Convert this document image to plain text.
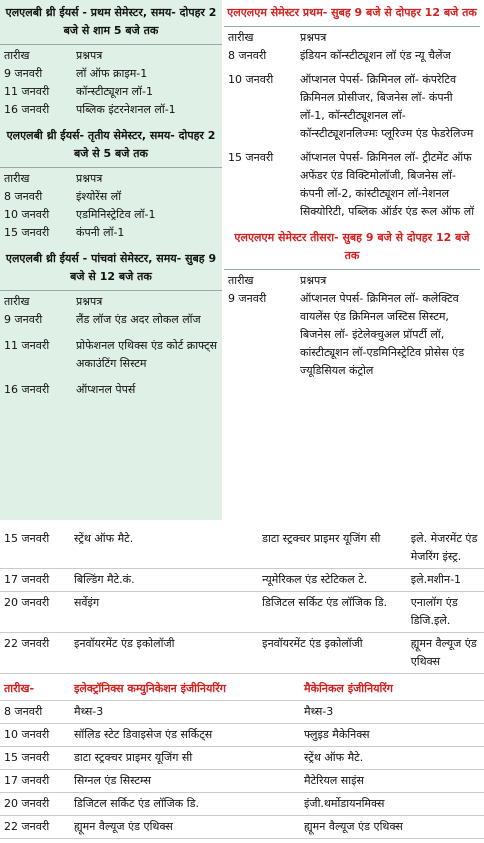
एलएलबी थ्री ईयर्स - प्रथम सेमेस्टर, समय- दोपहर 2 बजे से शाम 5 बजे तक
तारीख	प्रश्नपत्र
9 जनवरी	लॉ ऑफ क्राइम-1
11 जनवरी	कॉन्स्टीट्यूशन लॉ-1
16 जनवरी	पब्लिक इंटरनेशनल लॉ-1
एलएलबी थ्री ईयर्स- तृतीय सेमेस्टर, समय- दोपहर 2 बजे से 5 बजे तक
तारीख	प्रश्नपत्र
8 जनवरी	इंश्योरेंस लॉ
10 जनवरी	एडमिनिस्ट्रेटिव लॉ-1
15 जनवरी	कंपनी लॉ-1
एलएलबी थ्री ईयर्स - पांचवां सेमेस्टर, समय- सुबह 9 बजे से 12 बजे तक
तारीख	प्रश्नपत्र
9 जनवरी	लैंड लॉज एंड अदर लोकल लॉज
11 जनवरी	प्रोफेशनल एथिक्स एंड कोर्ट क्राफ्ट्स अकाउंटिंग सिस्टम
16 जनवरी	ऑप्शनल पेपर्स
एलएलएम सेमेस्टर प्रथम- सुबह 9 बजे से दोपहर 12 बजे तक
तारीख	प्रश्नपत्र
8 जनवरी	इंडियन कॉन्स्टीट्यूशन लॉ एंड न्यू चैलेंज
10 जनवरी	ऑप्शनल पेपर्स- क्रिमिनल लॉ- कंपरेटिव क्रिमिनल प्रोसीजर, बिजनेस लॉ- कंपनी लॉ-1, कॉन्स्टीट्यूशनल लॉ- कॉन्स्टीट्यूशनलिज्मः प्लूरिज्म एंड फेडरेलिज्म
15 जनवरी	ऑप्शनल पेपर्स- क्रिमिनल लॉ- ट्रीटमेंट ऑफ अफेंडर एंड विक्टिमोलॉजी, बिजनेस लॉ-कंपनी लॉ-2, कांस्टीट्यूशन लॉ-नेशनल सिक्योरिटी, पब्लिक ऑर्डर एंड रूल ऑफ लॉ
एलएलएम सेमेस्टर तीसरा- सुबह 9 बजे से दोपहर 12 बजे तक
तारीख	प्रश्नपत्र
9 जनवरी	ऑप्शनल पेपर्स- क्रिमिनल लॉ- कलेक्टिव वायलेंस एंड क्रिमिनल जस्टिस सिस्टम, बिजनेस लॉ- इंटेलेक्चुअल प्रॉपर्टी लॉ, कांस्टीट्यूशन लॉ-एडमिनिस्ट्रेटिव प्रोसेस एंड ज्यूडिसियल कंट्रोल
15 जनवरी	स्ट्रेंथ ऑफ मैटे.	डाटा स्ट्रक्चर प्राइमर यूजिंग सी	इले. मेजरमेंट एंड मेजरिंग इंस्ट्र.
17 जनवरी	बिल्डिंग मैटे.कं.	न्यूमेरिकल एंड स्टेटिकल टे.	इले.मशीन-1
20 जनवरी	सर्वेइंग	डिजिटल सर्किट एंड लॉजिक डि.	एनालॉग एंड डिजि.इले.
22 जनवरी	इनवॉयरमेंट एंड इकोलॉजी	इनवॉयरमेंट एंड इकोलॉजी	ह्यूमन वैल्यूज एंड एथिक्स
तारीख-	इलेक्ट्रॉनिक्स कम्युनिकेशन इंजीनियरिंग	मैकेनिकल इंजीनियरिंग
8 जनवरी	मैथ्स-3	मैथ्स-3
10 जनवरी	सॉलिड स्टेट डिवाइसेज एंड सर्किट्स	फ्लुइड मैकेनिक्स
15 जनवरी	डाटा स्ट्रक्चर प्राइमर यूजिंग सी	स्ट्रेंथ ऑफ मैटे.
17 जनवरी	सिग्नल एंड सिस्टम्स	मैटेरियल साइंस
20 जनवरी	डिजिटल सर्किट एंड लॉजिक डि.	इंजी.थर्मोडायनमिक्स
22 जनवरी	ह्यूमन वैल्यूज एंड एथिक्स	ह्यूमन वैल्यूज एंड एथिक्स
